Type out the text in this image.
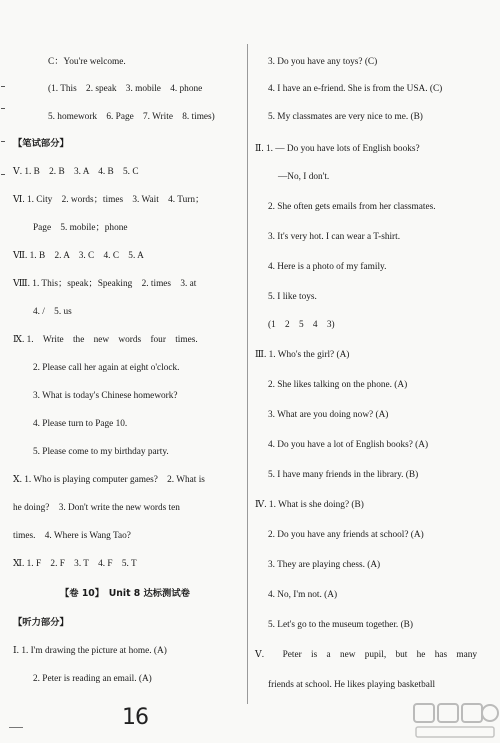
C：You're welcome.
(1. This　2. speak　3. mobile　4. phone
5. homework　6. Page　7. Write　8. times)
【笔试部分】
Ⅴ. 1. B　2. B　3. A　4. B　5. C
Ⅵ. 1. City　2. words；times　3. Wait　4. Turn；
Page　5. mobile；phone
Ⅶ. 1. B　2. A　3. C　4. C　5. A
Ⅷ. 1. This；speak；Speaking　2. times　3. at
4. /　5. us
Ⅸ. 1.　Write　the　new　words　four　times.
2. Please call her again at eight o'clock.
3. What is today's Chinese homework?
4. Please turn to Page 10.
5. Please come to my birthday party.
Ⅹ. 1. Who is playing computer games?　2. What is
he doing?　3. Don't write the new words ten
times.　4. Where is Wang Tao?
Ⅺ. 1. F　2. F　3. T　4. F　5. T
【卷 10】　Unit 8 达标测试卷
【听力部分】
Ⅰ. 1. I'm drawing the picture at home. (A)
2. Peter is reading an email. (A)
3. Do you have any toys? (C)
4. I have an e-friend. She is from the USA. (C)
5. My classmates are very nice to me. (B)
Ⅱ. 1. — Do you have lots of English books?
—No, I don't.
2. She often gets emails from her classmates.
3. It's very hot. I can wear a T-shirt.
4. Here is a photo of my family.
5. I like toys.
(1　2　5　4　3)
Ⅲ. 1. Who's the girl? (A)
2. She likes talking on the phone. (A)
3. What are you doing now? (A)
4. Do you have a lot of English books? (A)
5. I have many friends in the library. (B)
Ⅳ. 1. What is she doing? (B)
2. Do you have any friends at school? (A)
3. They are playing chess. (A)
4. No, I'm not. (A)
5. Let's go to the museum together. (B)
Ⅴ.　　Peter　is　a　new　pupil,　but　he　has　many
friends at school. He likes playing basketball
16
